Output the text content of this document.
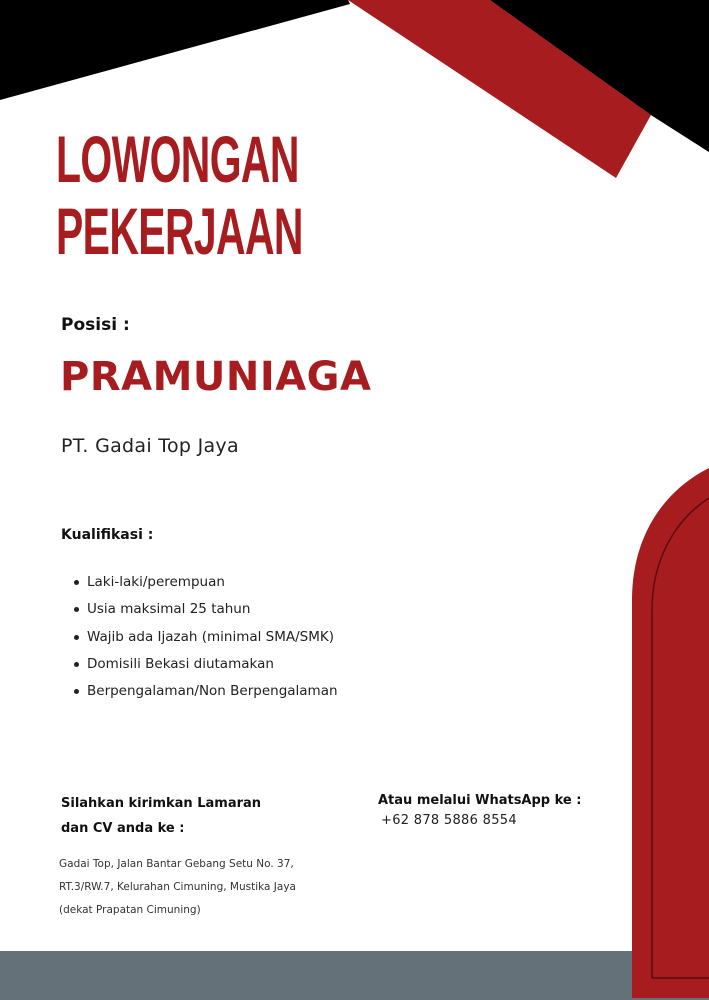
LOWONGAN
PEKERJAAN
Posisi :
PRAMUNIAGA
PT. Gadai Top Jaya
Kualifikasi :
Laki-laki/perempuan
Usia maksimal 25 tahun
Wajib ada Ijazah (minimal SMA/SMK)
Domisili Bekasi diutamakan
Berpengalaman/Non Berpengalaman
Silahkan kirimkan Lamaran
dan CV anda ke :
Gadai Top, Jalan Bantar Gebang Setu No. 37,
RT.3/RW.7, Kelurahan Cimuning, Mustika Jaya
(dekat Prapatan Cimuning)
Atau melalui WhatsApp ke :
+62 878 5886 8554
